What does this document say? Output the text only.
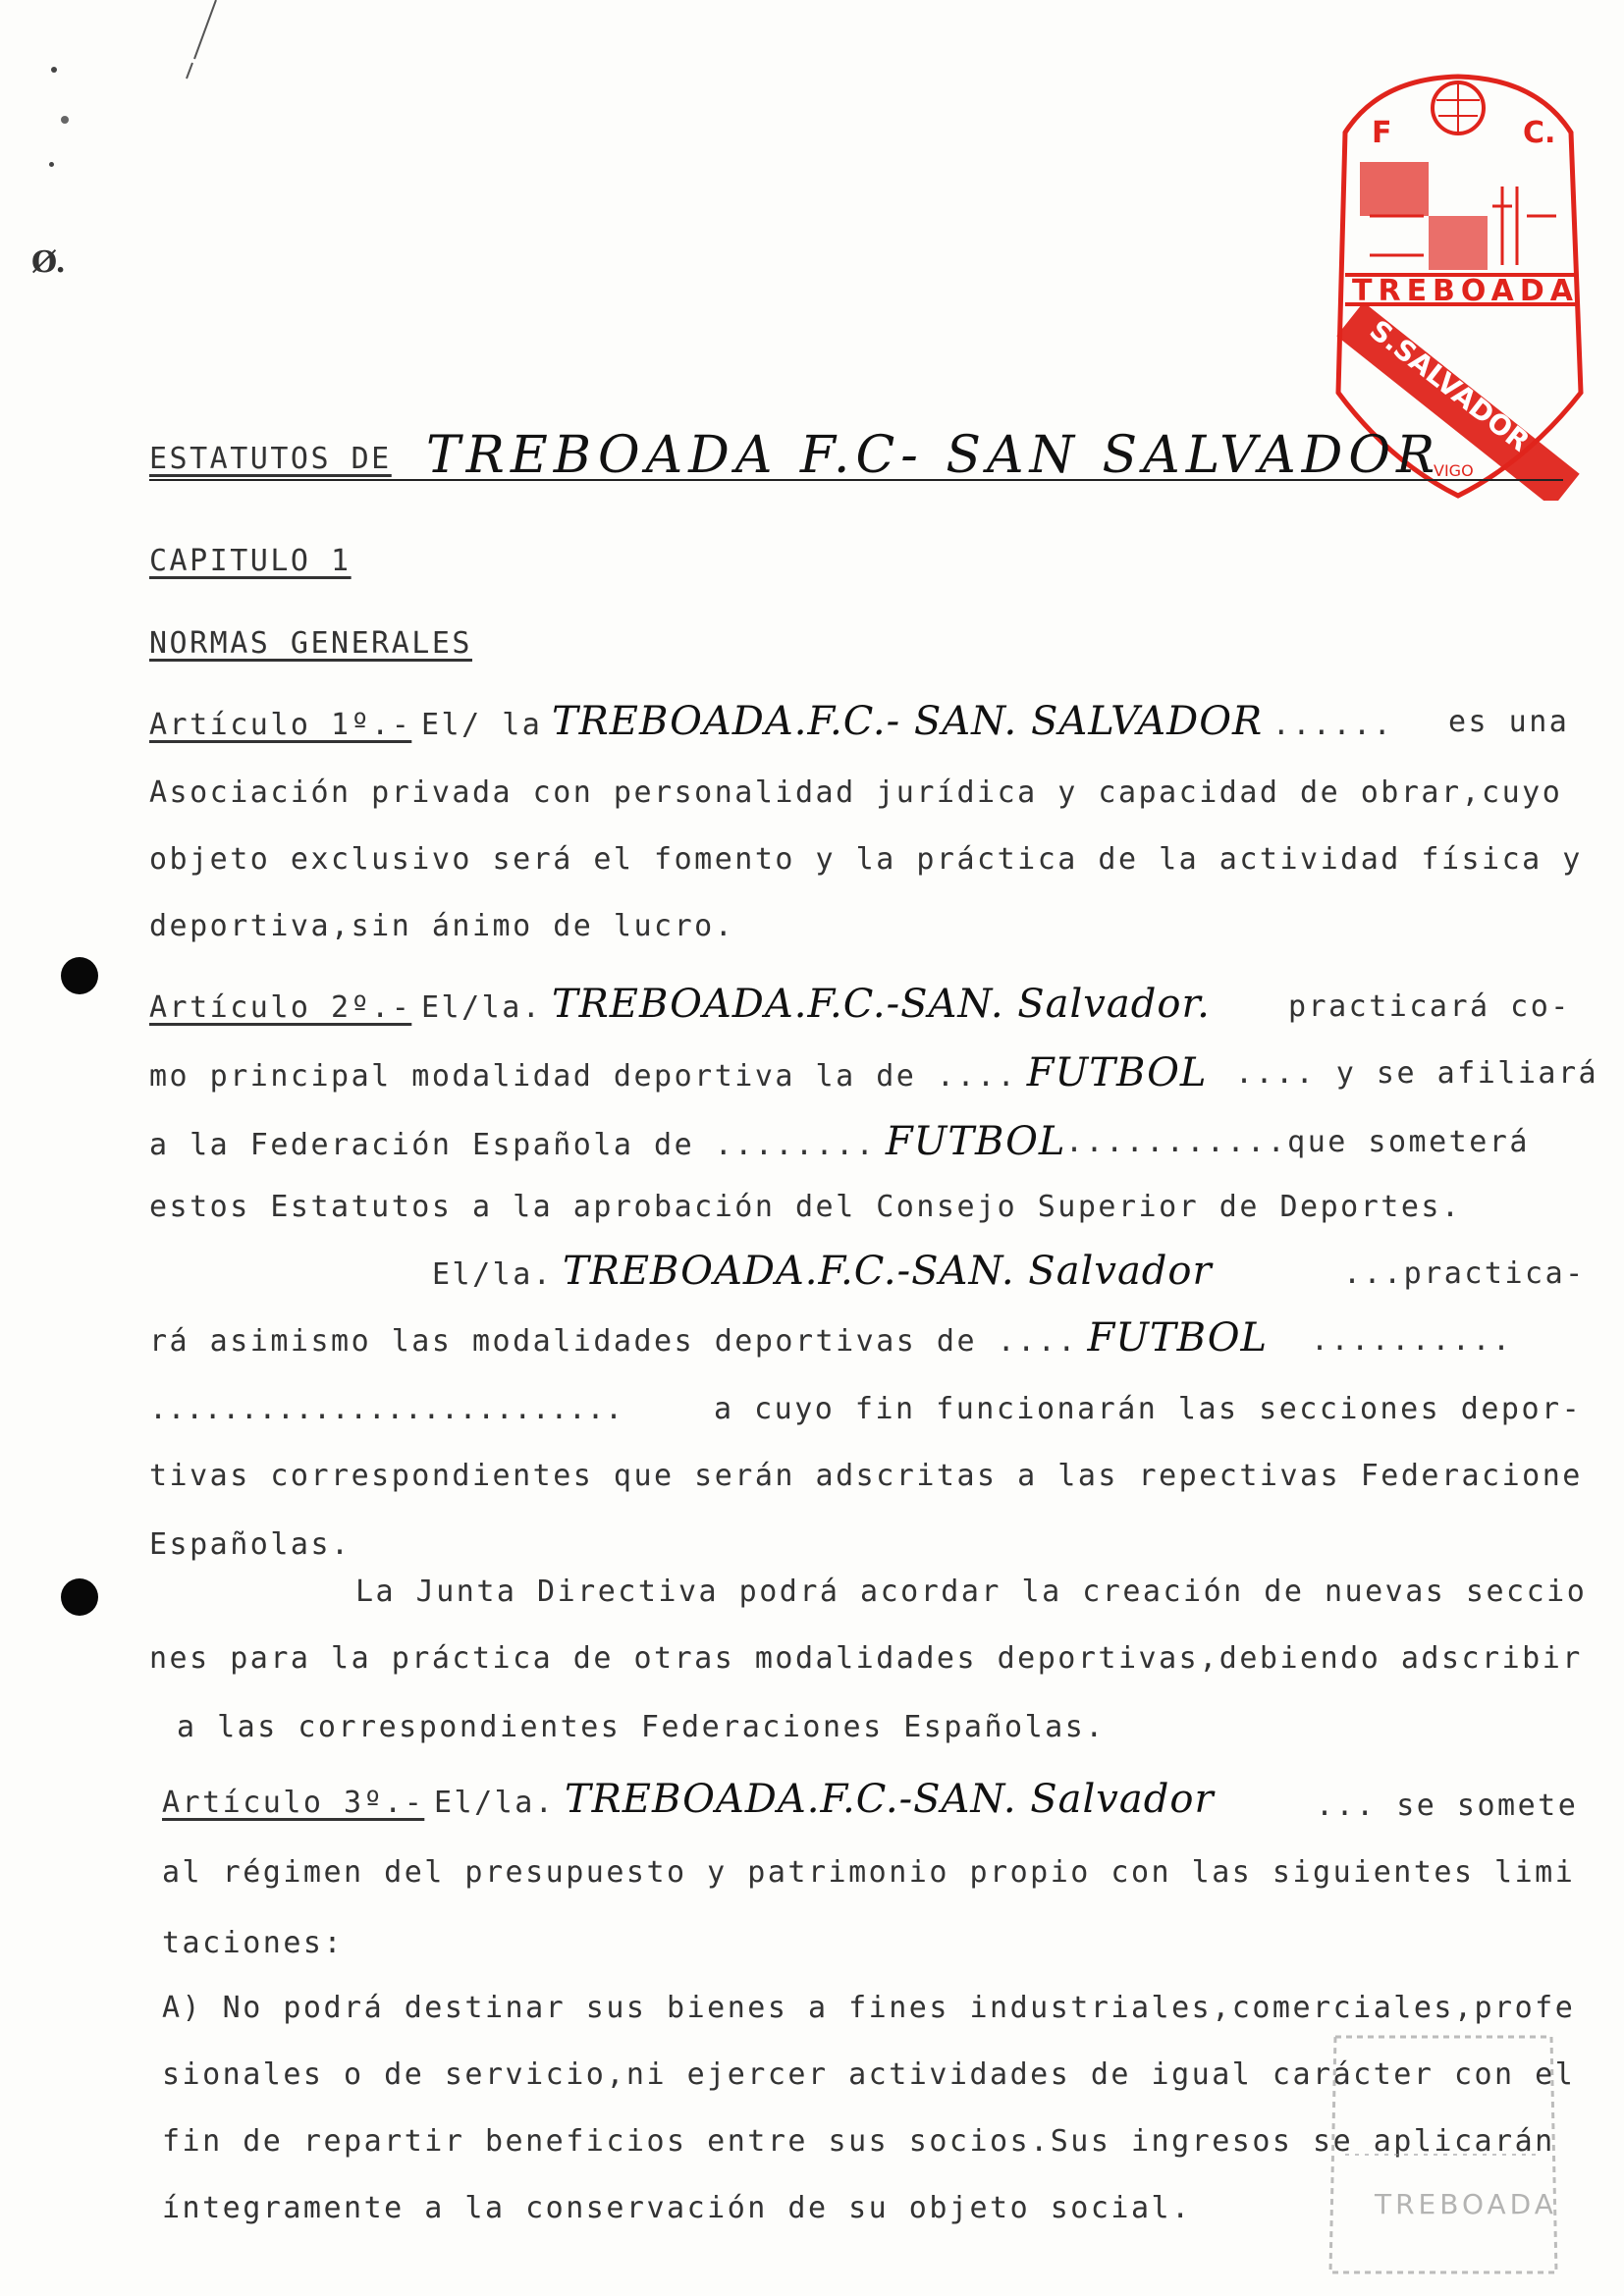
Ø.
F	C.
TREBOADA
S.SALVADOR
VIGO
ESTATUTOS DE TREBOADA F.C- SAN SALVADOR
CAPITULO 1
NORMAS GENERALES
Artículo 1º.- El/ la TREBOADA.F.C.- SAN. SALVADOR ...... es una
Asociación privada con personalidad jurídica y capacidad de obrar,cuyo
objeto exclusivo será el fomento y la práctica de la actividad física y
deportiva,sin ánimo de lucro.
Artículo 2º.- El/la. TREBOADA.F.C.-SAN. Salvador.	practicará co-
mo principal modalidad deportiva la de .... FUTBOL .... y se afiliará
a la Federación Española de ........ FUTBOL ...........que someterá
estos Estatutos a la aprobación del Consejo Superior de Deportes.
El/la. TREBOADA.F.C.-SAN. Salvador	...practica-
rá asimismo las modalidades deportivas de .... FUTBOL ..........
..........................	a cuyo fin funcionarán las secciones depor-
tivas correspondientes que serán adscritas a las repectivas Federacione
Españolas.
La Junta Directiva podrá acordar la creación de nuevas seccio
nes para la práctica de otras modalidades deportivas,debiendo adscribir
a las correspondientes Federaciones Españolas.
Artículo 3º.- El/la. TREBOADA.F.C.-SAN. Salvador	... se somete
al régimen del presupuesto y patrimonio propio con las siguientes limi
taciones:
A) No podrá destinar sus bienes a fines industriales,comerciales,profe
sionales o de servicio,ni ejercer actividades de igual carácter con el
fin de repartir beneficios entre sus socios.Sus ingresos se aplicarán
íntegramente a la conservación de su objeto social.	TREBOADA
